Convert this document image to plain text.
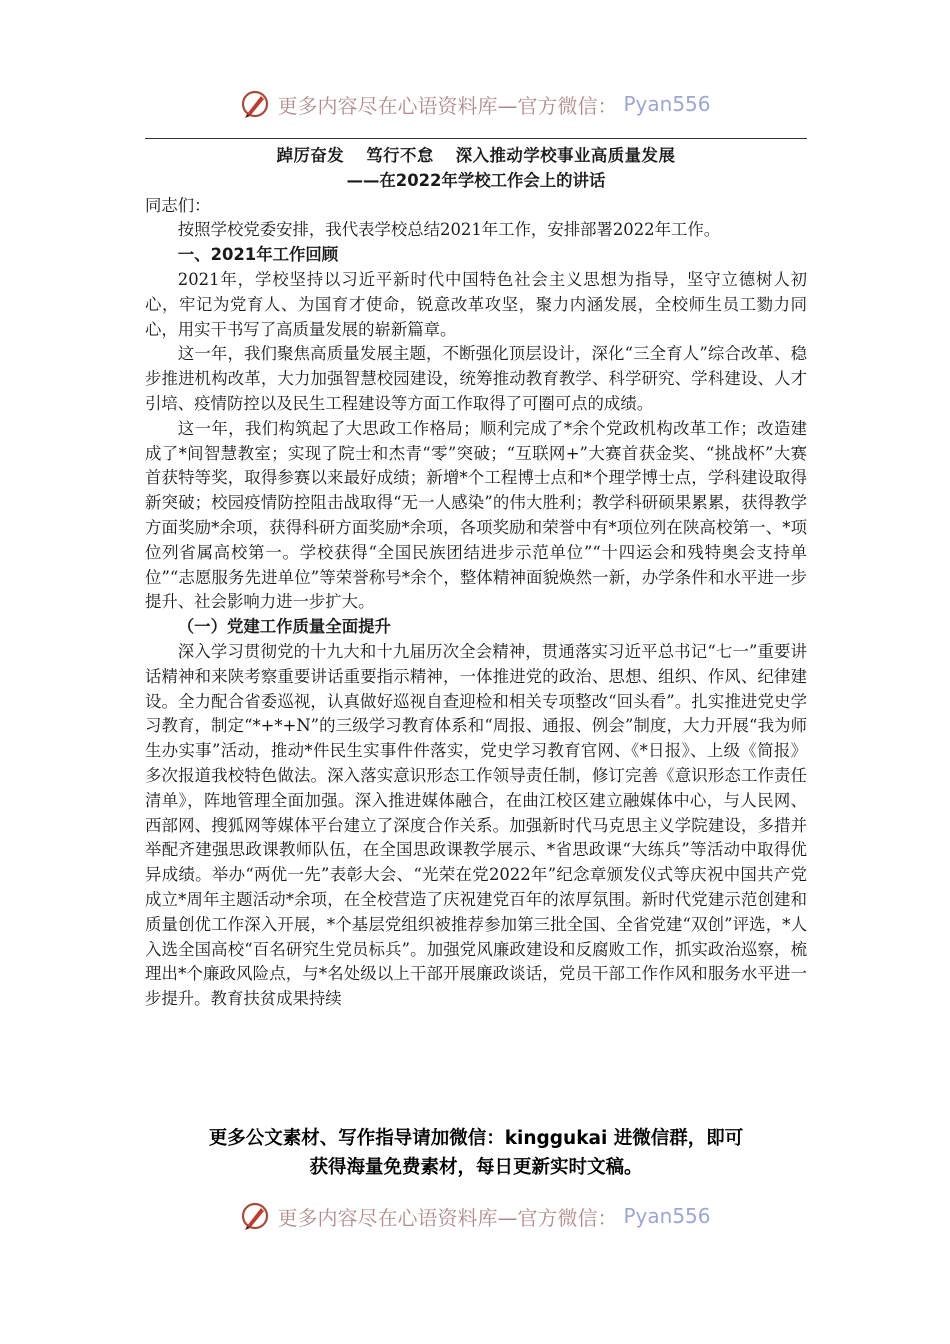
更多内容尽在心语资料库—官方微信： Pyan556
踔厉奋发 笃行不怠 深入推动学校事业高质量发展
——在2022年学校工作会上的讲话

同志们：

按照学校党委安排，我代表学校总结2021年工作，安排部署2022年工作。

一、2021年工作回顾

2021年，学校坚持以习近平新时代中国特色社会主义思想为指导，坚守立德树人初心，牢记为党育人、为国育才使命，锐意改革攻坚，聚力内涵发展，全校师生员工勠力同心，用实干书写了高质量发展的崭新篇章。

这一年，我们聚焦高质量发展主题，不断强化顶层设计，深化“三全育人”综合改革、稳步推进机构改革，大力加强智慧校园建设，统筹推动教育教学、科学研究、学科建设、人才引培、疫情防控以及民生工程建设等方面工作取得了可圈可点的成绩。

这一年，我们构筑起了大思政工作格局；顺利完成了*余个党政机构改革工作；改造建成了*间智慧教室；实现了院士和杰青“零”突破；“互联网+”大赛首获金奖、“挑战杯”大赛首获特等奖，取得参赛以来最好成绩；新增*个工程博士点和*个理学博士点，学科建设取得新突破；校园疫情防控阻击战取得“无一人感染”的伟大胜利；教学科研硕果累累，获得教学方面奖励*余项，获得科研方面奖励*余项，各项奖励和荣誉中有*项位列在陕高校第一、*项位列省属高校第一。学校获得“全国民族团结进步示范单位”“十四运会和残特奥会支持单位”“志愿服务先进单位”等荣誉称号*余个，整体精神面貌焕然一新，办学条件和水平进一步提升、社会影响力进一步扩大。

（一）党建工作质量全面提升

深入学习贯彻党的十九大和十九届历次全会精神，贯通落实习近平总书记“七一”重要讲话精神和来陕考察重要讲话重要指示精神，一体推进党的政治、思想、组织、作风、纪律建设。全力配合省委巡视，认真做好巡视自查迎检和相关专项整改“回头看”。扎实推进党史学习教育，制定“*+*+N”的三级学习教育体系和“周报、通报、例会”制度，大力开展“我为师生办实事”活动，推动*件民生实事件件落实，党史学习教育官网、《*日报》、上级《简报》多次报道我校特色做法。深入落实意识形态工作领导责任制，修订完善《意识形态工作责任清单》，阵地管理全面加强。深入推进媒体融合，在曲江校区建立融媒体中心，与人民网、西部网、搜狐网等媒体平台建立了深度合作关系。加强新时代马克思主义学院建设，多措并举配齐建强思政课教师队伍，在全国思政课教学展示、*省思政课“大练兵”等活动中取得优异成绩。举办“两优一先”表彰大会、“光荣在党2022年”纪念章颁发仪式等庆祝中国共产党成立*周年主题活动*余项，在全校营造了庆祝建党百年的浓厚氛围。新时代党建示范创建和质量创优工作深入开展，*个基层党组织被推荐参加第三批全国、全省党建“双创”评选，*人入选全国高校“百名研究生党员标兵”。加强党风廉政建设和反腐败工作，抓实政治巡察，梳理出*个廉政风险点，与*名处级以上干部开展廉政谈话，党员干部工作作风和服务水平进一步提升。教育扶贫成果持续

更多公文素材、写作指导请加微信：kinggukai 进微信群，即可
获得海量免费素材，每日更新实时文稿。
更多内容尽在心语资料库—官方微信： Pyan556
